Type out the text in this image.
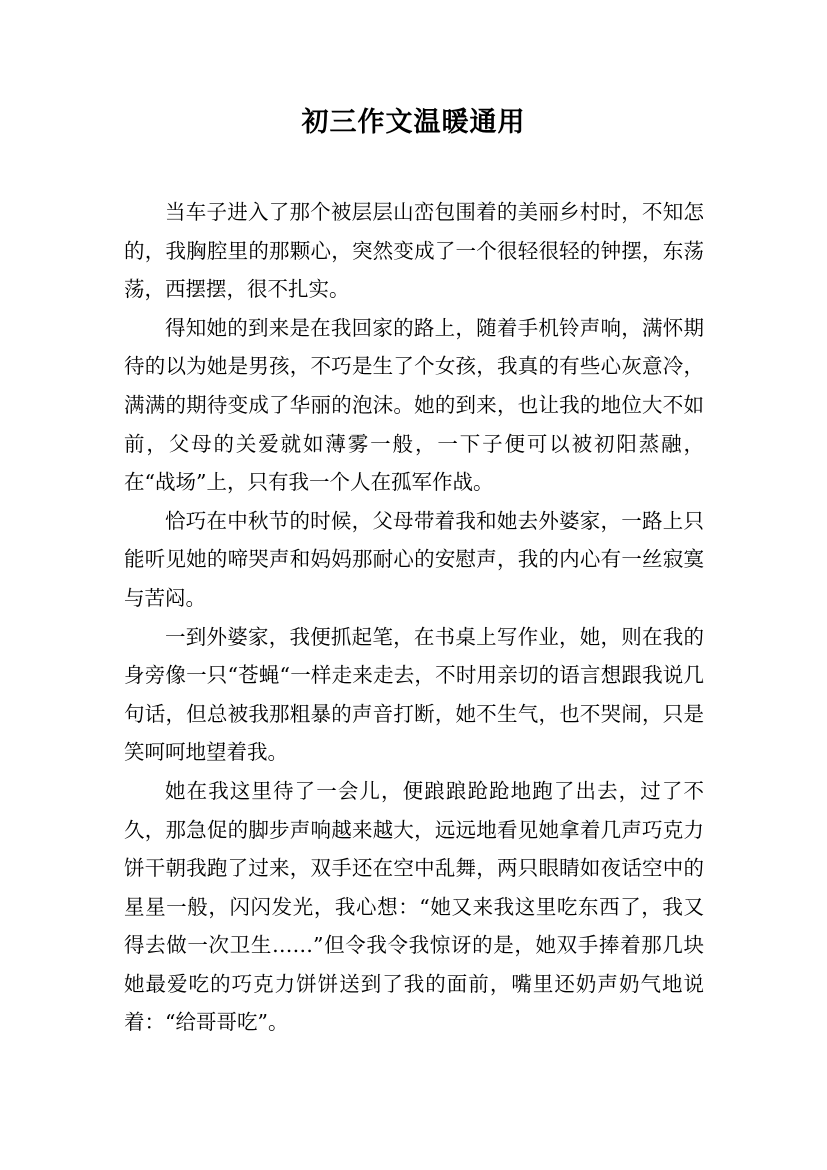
初三作文温暖通用

当车子进入了那个被层层山峦包围着的美丽乡村时，不知怎的，我胸腔里的那颗心，突然变成了一个很轻很轻的钟摆，东荡荡，西摆摆，很不扎实。

得知她的到来是在我回家的路上，随着手机铃声响，满怀期待的以为她是男孩，不巧是生了个女孩，我真的有些心灰意冷，满满的期待变成了华丽的泡沫。她的到来，也让我的地位大不如前，父母的关爱就如薄雾一般，一下子便可以被初阳蒸融，在“战场”上，只有我一个人在孤军作战。

恰巧在中秋节的时候，父母带着我和她去外婆家，一路上只能听见她的啼哭声和妈妈那耐心的安慰声，我的内心有一丝寂寞与苦闷。

一到外婆家，我便抓起笔，在书桌上写作业，她，则在我的身旁像一只“苍蝇“一样走来走去，不时用亲切的语言想跟我说几句话，但总被我那粗暴的声音打断，她不生气，也不哭闹，只是笑呵呵地望着我。

她在我这里待了一会儿，便踉踉跄跄地跑了出去，过了不久，那急促的脚步声响越来越大，远远地看见她拿着几声巧克力饼干朝我跑了过来，双手还在空中乱舞，两只眼睛如夜话空中的星星一般，闪闪发光，我心想：“她又来我这里吃东西了，我又得去做一次卫生……”但令我令我惊讶的是，她双手捧着那几块她最爱吃的巧克力饼饼送到了我的面前，嘴里还奶声奶气地说着：“给哥哥吃”。
